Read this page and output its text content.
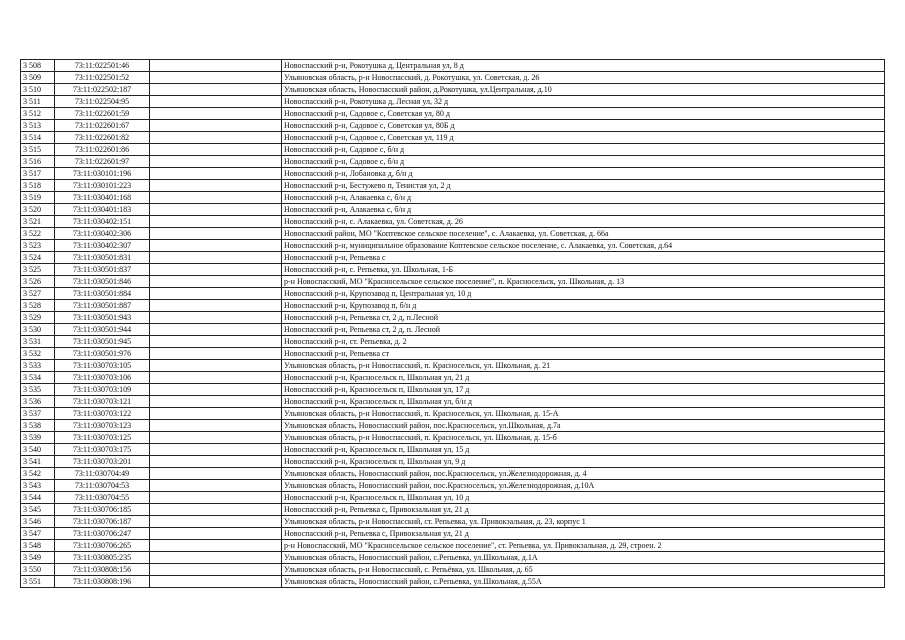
3 508	73:11:022501:46		Новоспасский р-н, Рокотушка д, Центральная ул, 8 д
3 509	73:11:022501:52		Ульяновская область, р-н Новоспасский, д. Рокотушка, ул. Советская, д. 26
3 510	73:11:022502:187		Ульяновская область, Новоспасский район, д.Рокотушка, ул.Центральная, д.10
3 511	73:11:022504:95		Новоспасский р-н, Рокотушка д, Лесная ул, 32 д
3 512	73:11:022601:59		Новоспасский р-н, Садовое с, Советская ул, 80 д
3 513	73:11:022601:67		Новоспасский р-н, Садовое с, Советская ул, 80Б д
3 514	73:11:022601:82		Новоспасский р-н, Садовое с, Советская ул, 119 д
3 515	73:11:022601:86		Новоспасский р-н, Садовое с, б/н д
3 516	73:11:022601:97		Новоспасский р-н, Садовое с, б/н д
3 517	73:11:030101:196		Новоспасский р-н, Лобановка д, б/н д
3 518	73:11:030101:223		Новоспасский р-н, Бестужево п, Тенистая ул, 2 д
3 519	73:11:030401:168		Новоспасский р-н, Алакаевка с, б/н д
3 520	73:11:030401:183		Новоспасский р-н, Алакаевка с, б/н д
3 521	73:11:030402:151		Новоспасский р-н, с. Алакаевка, ул. Советская, д. 26
3 522	73:11:030402:306		Новоспасский район, МО "Коптевское сельское поселение", с. Алакаевка, ул. Советская, д. 66а
3 523	73:11:030402:307		Новоспасский р-н, муниципальное образование Коптевское сельское поселение, с. Алакаевка, ул. Советская, д.64
3 524	73:11:030501:831		Новоспасский р-н, Репьевка с
3 525	73:11:030501:837		Новоспасский р-н, с. Репьевка, ул. Школьная, 1-Б
3 526	73:11:030501:846		р-н Новоспасский, МО "Красносельское сельское поселение", п. Красносельск, ул. Школьная, д. 13
3 527	73:11:030501:884		Новоспасский р-н, Крупозавод п, Центральная ул, 10 д
3 528	73:11:030501:887		Новоспасский р-н, Крупозавод п, б/н д
3 529	73:11:030501:943		Новоспасский р-н, Репьевка ст, 2 д, п.Лесной
3 530	73:11:030501:944		Новоспасский р-н, Репьевка ст, 2 д, п. Лесной
3 531	73:11:030501:945		Новоспасский р-н, ст. Репьевка, д. 2
3 532	73:11:030501:976		Новоспасский р-н, Репьевка ст
3 533	73:11:030703:105		Ульяновская область, р-н Новоспасский, п. Красносельск, ул. Школьная, д. 21
3 534	73:11:030703:106		Новоспасский р-н, Красносельск п, Школьная ул, 21 д
3 535	73:11:030703:109		Новоспасский р-н, Красносельск п, Школьная ул, 17 д
3 536	73:11:030703:121		Новоспасский р-н, Красносельск п, Школьная ул, б/н д
3 537	73:11:030703:122		Ульяновская область, р-н Новоспасский, п. Красносельск, ул. Школьная, д. 15-А
3 538	73:11:030703:123		Ульяновская область, Новоспасский район, пос.Красносельск, ул.Школьная, д.7а
3 539	73:11:030703:125		Ульяновская область, р-н Новоспасский, п. Красносельск, ул. Школьная, д. 15-б
3 540	73:11:030703:175		Новоспасский р-н, Красносельск п, Школьная ул, 15 д
3 541	73:11:030703:201		Новоспасский р-н, Красносельск п, Школьная ул, 9 д
3 542	73:11:030704:49		Ульяновская область, Новоспасский район, пос.Красносельск, ул.Железнодорожная, д. 4
3 543	73:11:030704:53		Ульяновская область, Новоспасский район, пос.Красносельск, ул.Железнодорожная, д.10А
3 544	73:11:030704:55		Новоспасский р-н, Красносельск п, Школьная ул, 10 д
3 545	73:11:030706:185		Новоспасский р-н, Репьевка с, Привокзальная ул, 21 д
3 546	73:11:030706:187		Ульяновская область, р-н Новоспасский, ст. Репьевка, ул. Привокзальная, д. 23, корпус 1
3 547	73:11:030706:247		Новоспасский р-н, Репьевка с, Привокзальная ул, 21 д
3 548	73:11:030706:265		р-н Новоспасский, МО "Красносельское сельское поселение", ст. Репьевка, ул. Привокзальная, д. 29, строен. 2
3 549	73:11:030805:235		Ульяновская область, Новоспасский район, с.Репьевка, ул.Школьная, д.1А
3 550	73:11:030808:156		Ульяновская область, р-н Новоспасский, с. Репьёвка, ул. Школьная, д. 65
3 551	73:11:030808:196		Ульяновская область, Новоспасский район, с.Репьевка, ул.Школьная, д.55А
